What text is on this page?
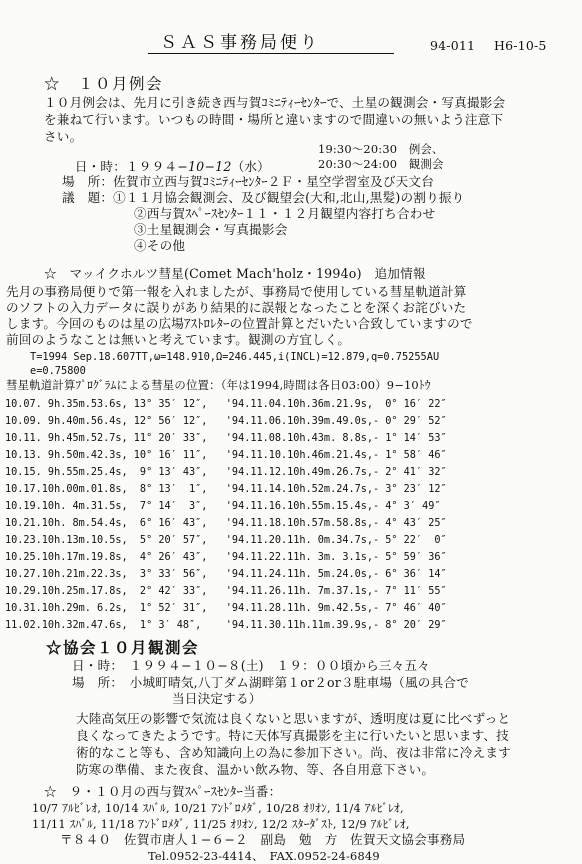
ＳＡＳ事務局便り	94-011 H6-10-5
☆　１０月例会
１０月例会は、先月に引き続き西与賀ｺﾐﾆﾃｨｰｾﾝﾀｰで、土星の観測会・写真撮影会
を兼ねて行います。いつもの時間・場所と違いますので間違いの無いよう注意下
さい。

日・時：１９９４−10−12（水）

19:30〜20:30　例会、
20:30〜24:00　観測会
場　所：佐賀市立西与賀ｺﾐﾆﾃｨｰｾﾝﾀｰ２Ｆ・星空学習室及び天文台
議　題：①１１月協会観測会、及び観望会(大和,北山,黒髪)の割り振り
②西与賀ｽﾍﾟｰｽｾﾝﾀｰ１１・１２月観望内容打ち合わせ
③土星観測会・写真撮影会
④その他
☆　マッイクホルツ彗星(Comet Mach'holz・1994o)　追加情報
先月の事務局便りで第一報を入れましたが、事務局で使用している彗星軌道計算
のソフトの入力データに誤りがあり結果的に誤報となったことを深くお詫びいた
します。今回のものは星の広場ｱｽﾄﾛﾚﾀｰの位置計算とだいたい合致していますので
前回のようなことは無いと考えています。観測の方宜しく。
T=1994 Sep.18.607TT,ω=148.910,Ω=246.445,i(INCL)=12.879,q=0.75255AU
e=0.75800
彗星軌道計算ﾌﾟﾛｸﾞﾗﾑによる彗星の位置：（年は1994,時間は各日03:00）9−10ﾄｳ
10.07. 9h.35m.53.6s, 13° 35′ 12″,   '94.11.04.10h.36m.21.9s,  0° 16′ 22″
10.09. 9h.40m.56.4s, 12° 56′ 12″,   '94.11.06.10h.39m.49.0s,- 0° 29′ 52″
10.11. 9h.45m.52.7s, 11° 20′ 33″,   '94.11.08.10h.43m. 8.8s,- 1° 14′ 53″
10.13. 9h.50m.42.3s, 10° 16′ 11″,   '94.11.10.10h.46m.21.4s,- 1° 58′ 46″
10.15. 9h.55m.25.4s,  9° 13′ 43″,   '94.11.12.10h.49m.26.7s,- 2° 41′ 32″
10.17.10h.00m.01.8s,  8° 13′  1″,   '94.11.14.10h.52m.24.7s,- 3° 23′ 12″
10.19.10h. 4m.31.5s,  7° 14′  3″,   '94.11.16.10h.55m.15.4s,- 4° 3′ 49″
10.21.10h. 8m.54.4s,  6° 16′ 43″,   '94.11.18.10h.57m.58.8s,- 4° 43′ 25″
10.23.10h.13m.10.5s,  5° 20′ 57″,   '94.11.20.11h. 0m.34.7s,- 5° 22′  0″
10.25.10h.17m.19.8s,  4° 26′ 43″,   '94.11.22.11h. 3m. 3.1s,- 5° 59′ 36″
10.27.10h.21m.22.3s,  3° 33′ 56″,   '94.11.24.11h. 5m.24.0s,- 6° 36′ 14″
10.29.10h.25m.17.8s,  2° 42′ 33″,   '94.11.26.11h. 7m.37.1s,- 7° 11′ 55″
10.31.10h.29m. 6.2s,  1° 52′ 31″,   '94.11.28.11h. 9m.42.5s,- 7° 46′ 40″
11.02.10h.32m.47.6s,  1° 3′ 48″,    '94.11.30.11h.11m.39.9s,- 8° 20′ 29″
☆協会１０月観測会
日・時：　１９９４−１０−８(土)　１９：００頃から三々五々
場　所：　小城町晴気,八丁ダム湖畔第１or２or３駐車場（風の具合で
当日決定する）
大陸高気圧の影響で気流は良くないと思いますが、透明度は夏に比べずっと
良くなってきたようです。特に天体写真撮影を主に行いたいと思います、技
術的なこと等も、含め知識向上の為に参加下さい。尚、夜は非常に冷えます
防寒の準備、また夜食、温かい飲み物、等、各自用意下さい。
☆　９・１０月の西与賀ｽﾍﾟｰｽｾﾝﾀｰ当番：
10/7 ｱﾙﾋﾞﾚｵ, 10/14 ｽﾊﾞﾙ, 10/21 ｱﾝﾄﾞﾛﾒﾀﾞ, 10/28 ｵﾘｵﾝ, 11/4 ｱﾙﾋﾞﾚｵ,
11/11 ｽﾊﾞﾙ, 11/18 ｱﾝﾄﾞﾛﾒﾀﾞ, 11/25 ｵﾘｵﾝ, 12/2 ｽﾀｰﾀﾞｽﾄ, 12/9 ｱﾙﾋﾞﾚｵ,
〒８４０　佐賀市唐人１−６−２　副島　勉　方　佐賀天文協会事務局
Tel.0952-23-4414、　FAX.0952-24-6849
